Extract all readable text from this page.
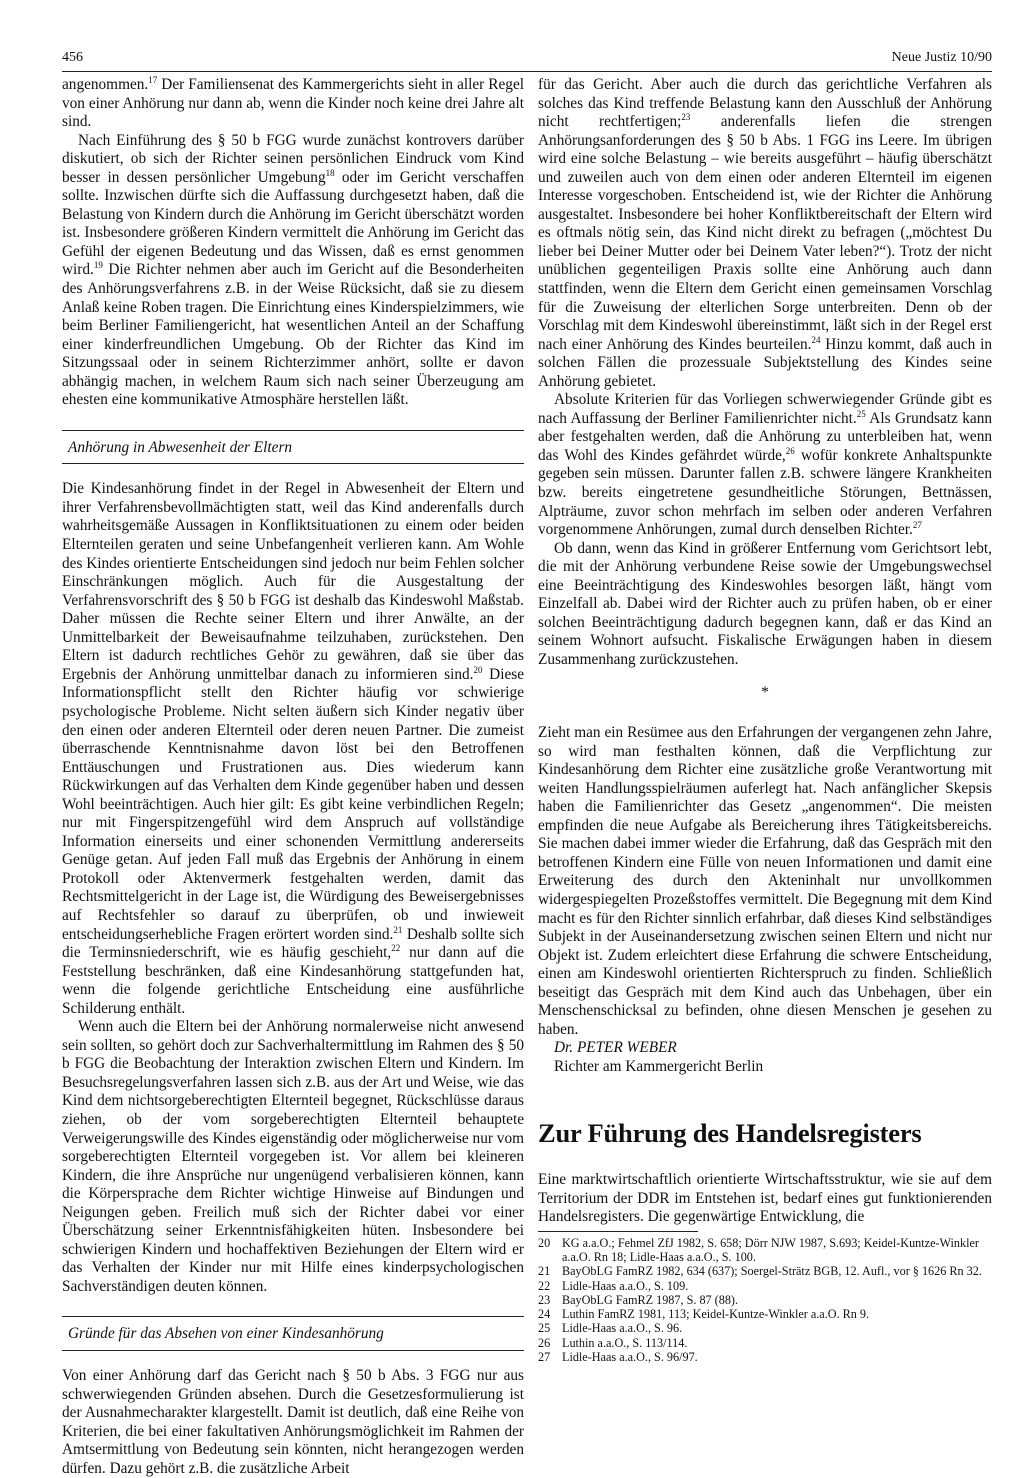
456	Neue Justiz 10/90

angenommen.$^{17}$ Der Familiensenat des Kammergerichts sieht in aller Regel von einer Anhörung nur dann ab, wenn die Kinder noch keine drei Jahre alt sind.

Nach Einführung des § 50 b FGG wurde zunächst kontrovers darüber diskutiert, ob sich der Richter seinen persönlichen Eindruck vom Kind besser in dessen persönlicher Umgebung$^{18}$ oder im Gericht verschaffen sollte. Inzwischen dürfte sich die Auffassung durchgesetzt haben, daß die Belastung von Kindern durch die Anhörung im Gericht überschätzt worden ist. Insbesondere größeren Kindern vermittelt die Anhörung im Gericht das Gefühl der eigenen Bedeutung und das Wissen, daß es ernst genommen wird.$^{19}$ Die Richter nehmen aber auch im Gericht auf die Besonderheiten des Anhörungsverfahrens z.B. in der Weise Rücksicht, daß sie zu diesem Anlaß keine Roben tragen. Die Einrichtung eines Kinderspielzimmers, wie beim Berliner Familiengericht, hat wesentlichen Anteil an der Schaffung einer kinderfreundlichen Umgebung. Ob der Richter das Kind im Sitzungssaal oder in seinem Richterzimmer anhört, sollte er davon abhängig machen, in welchem Raum sich nach seiner Überzeugung am ehesten eine kommunikative Atmosphäre herstellen läßt.

Anhörung in Abwesenheit der Eltern

Die Kindesanhörung findet in der Regel in Abwesenheit der Eltern und ihrer Verfahrensbevollmächtigten statt, weil das Kind anderenfalls durch wahrheitsgemäße Aussagen in Konfliktsituationen zu einem oder beiden Elternteilen geraten und seine Unbefangenheit verlieren kann. Am Wohle des Kindes orientierte Entscheidungen sind jedoch nur beim Fehlen solcher Einschränkungen möglich. Auch für die Ausgestaltung der Verfahrensvorschrift des § 50 b FGG ist deshalb das Kindeswohl Maßstab. Daher müssen die Rechte seiner Eltern und ihrer Anwälte, an der Unmittelbarkeit der Beweisaufnahme teilzuhaben, zurückstehen. Den Eltern ist dadurch rechtliches Gehör zu gewähren, daß sie über das Ergebnis der Anhörung unmittelbar danach zu informieren sind.$^{20}$ Diese Informationspflicht stellt den Richter häufig vor schwierige psychologische Probleme. Nicht selten äußern sich Kinder negativ über den einen oder anderen Elternteil oder deren neuen Partner. Die zumeist überraschende Kenntnisnahme davon löst bei den Betroffenen Enttäuschungen und Frustrationen aus. Dies wiederum kann Rückwirkungen auf das Verhalten dem Kinde gegenüber haben und dessen Wohl beeinträchtigen. Auch hier gilt: Es gibt keine verbindlichen Regeln; nur mit Fingerspitzengefühl wird dem Anspruch auf vollständige Information einerseits und einer schonenden Vermittlung andererseits Genüge getan. Auf jeden Fall muß das Ergebnis der Anhörung in einem Protokoll oder Aktenvermerk festgehalten werden, damit das Rechtsmittelgericht in der Lage ist, die Würdigung des Beweisergebnisses auf Rechtsfehler so darauf zu überprüfen, ob und inwieweit entscheidungserhebliche Fragen erörtert worden sind.$^{21}$ Deshalb sollte sich die Terminsniederschrift, wie es häufig geschieht,$^{22}$ nur dann auf die Feststellung beschränken, daß eine Kindesanhörung stattgefunden hat, wenn die folgende gerichtliche Entscheidung eine ausführliche Schilderung enthält.

Wenn auch die Eltern bei der Anhörung normalerweise nicht anwesend sein sollten, so gehört doch zur Sachverhaltermittlung im Rahmen des § 50 b FGG die Beobachtung der Interaktion zwischen Eltern und Kindern. Im Besuchsregelungsverfahren lassen sich z.B. aus der Art und Weise, wie das Kind dem nichtsorgeberechtigten Elternteil begegnet, Rückschlüsse daraus ziehen, ob der vom sorgeberechtigten Elternteil behauptete Verweigerungswille des Kindes eigenständig oder möglicherweise nur vom sorgeberechtigten Elternteil vorgegeben ist. Vor allem bei kleineren Kindern, die ihre Ansprüche nur ungenügend verbalisieren können, kann die Körpersprache dem Richter wichtige Hinweise auf Bindungen und Neigungen geben. Freilich muß sich der Richter dabei vor einer Überschätzung seiner Erkenntnisfähigkeiten hüten. Insbesondere bei schwierigen Kindern und hochaffektiven Beziehungen der Eltern wird er das Verhalten der Kinder nur mit Hilfe eines kinderpsychologischen Sachverständigen deuten können.

Gründe für das Absehen von einer Kindesanhörung

Von einer Anhörung darf das Gericht nach § 50 b Abs. 3 FGG nur aus schwerwiegenden Gründen absehen. Durch die Gesetzesformulierung ist der Ausnahmecharakter klargestellt. Damit ist deutlich, daß eine Reihe von Kriterien, die bei einer fakultativen Anhörungsmöglichkeit im Rahmen der Amtsermittlung von Bedeutung sein könnten, nicht herangezogen werden dürfen. Dazu gehört z.B. die zusätzliche Arbeit

für das Gericht. Aber auch die durch das gerichtliche Verfahren als solches das Kind treffende Belastung kann den Ausschluß der Anhörung nicht rechtfertigen;$^{23}$ anderenfalls liefen die strengen Anhörungsanforderungen des § 50 b Abs. 1 FGG ins Leere. Im übrigen wird eine solche Belastung – wie bereits ausgeführt – häufig überschätzt und zuweilen auch von dem einen oder anderen Elternteil im eigenen Interesse vorgeschoben. Entscheidend ist, wie der Richter die Anhörung ausgestaltet. Insbesondere bei hoher Konfliktbereitschaft der Eltern wird es oftmals nötig sein, das Kind nicht direkt zu befragen („möchtest Du lieber bei Deiner Mutter oder bei Deinem Vater leben?“). Trotz der nicht unüblichen gegenteiligen Praxis sollte eine Anhörung auch dann stattfinden, wenn die Eltern dem Gericht einen gemeinsamen Vorschlag für die Zuweisung der elterlichen Sorge unterbreiten. Denn ob der Vorschlag mit dem Kindeswohl übereinstimmt, läßt sich in der Regel erst nach einer Anhörung des Kindes beurteilen.$^{24}$ Hinzu kommt, daß auch in solchen Fällen die prozessuale Subjektstellung des Kindes seine Anhörung gebietet.

Absolute Kriterien für das Vorliegen schwerwiegender Gründe gibt es nach Auffassung der Berliner Familienrichter nicht.$^{25}$ Als Grundsatz kann aber festgehalten werden, daß die Anhörung zu unterbleiben hat, wenn das Wohl des Kindes gefährdet würde,$^{26}$ wofür konkrete Anhaltspunkte gegeben sein müssen. Darunter fallen z.B. schwere längere Krankheiten bzw. bereits eingetretene gesundheitliche Störungen, Bettnässen, Alpträume, zuvor schon mehrfach im selben oder anderen Verfahren vorgenommene Anhörungen, zumal durch denselben Richter.$^{27}$

Ob dann, wenn das Kind in größerer Entfernung vom Gerichtsort lebt, die mit der Anhörung verbundene Reise sowie der Umgebungswechsel eine Beeinträchtigung des Kindeswohles besorgen läßt, hängt vom Einzelfall ab. Dabei wird der Richter auch zu prüfen haben, ob er einer solchen Beeinträchtigung dadurch begegnen kann, daß er das Kind an seinem Wohnort aufsucht. Fiskalische Erwägungen haben in diesem Zusammenhang zurückzustehen.

*

Zieht man ein Resümee aus den Erfahrungen der vergangenen zehn Jahre, so wird man festhalten können, daß die Verpflichtung zur Kindesanhörung dem Richter eine zusätzliche große Verantwortung mit weiten Handlungsspielräumen auferlegt hat. Nach anfänglicher Skepsis haben die Familienrichter das Gesetz „angenommen“. Die meisten empfinden die neue Aufgabe als Bereicherung ihres Tätigkeitsbereichs. Sie machen dabei immer wieder die Erfahrung, daß das Gespräch mit den betroffenen Kindern eine Fülle von neuen Informationen und damit eine Erweiterung des durch den Akteninhalt nur unvollkommen widergespiegelten Prozeßstoffes vermittelt. Die Begegnung mit dem Kind macht es für den Richter sinnlich erfahrbar, daß dieses Kind selbständiges Subjekt in der Auseinandersetzung zwischen seinen Eltern und nicht nur Objekt ist. Zudem erleichtert diese Erfahrung die schwere Entscheidung, einen am Kindeswohl orientierten Richterspruch zu finden. Schließlich beseitigt das Gespräch mit dem Kind auch das Unbehagen, über ein Menschenschicksal zu befinden, ohne diesen Menschen je gesehen zu haben.

Dr. PETER WEBER

Richter am Kammergericht Berlin

Zur Führung des Handelsregisters

Eine marktwirtschaftlich orientierte Wirtschaftsstruktur, wie sie auf dem Territorium der DDR im Entstehen ist, bedarf eines gut funktionierenden Handelsregisters. Die gegenwärtige Entwicklung, die

20 KG a.a.O.; Fehmel ZfJ 1982, S. 658; Dörr NJW 1987, S.693; Keidel-Kuntze-Winkler a.a.O. Rn 18; Lidle-Haas a.a.O., S. 100.
21 BayObLG FamRZ 1982, 634 (637); Soergel-Strätz BGB, 12. Aufl., vor § 1626 Rn 32.
22 Lidle-Haas a.a.O., S. 109.
23 BayObLG FamRZ 1987, S. 87 (88).
24 Luthin FamRZ 1981, 113; Keidel-Kuntze-Winkler a.a.O. Rn 9.
25 Lidle-Haas a.a.O., S. 96.
26 Luthin a.a.O., S. 113/114.
27 Lidle-Haas a.a.O., S. 96/97.
